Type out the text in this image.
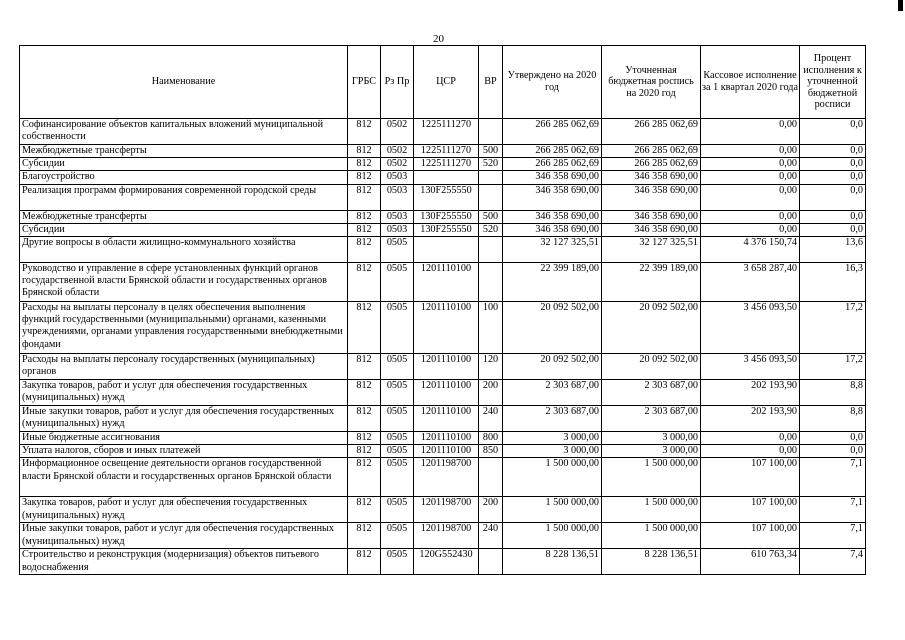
20
Наименование	ГРБС	Рз Пр	ЦСР	ВР	Утверждено на 2020 год	Уточненная бюджетная роспись на 2020 год	Кассовое исполнение за 1 квартал 2020 года	Процент исполнения к уточненной бюджетной росписи
Софинансирование объектов капитальных вложений муниципальной собственности	812	0502	1225111270		266 285 062,69	266 285 062,69	0,00	0,0
Межбюджетные трансферты	812	0502	1225111270	500	266 285 062,69	266 285 062,69	0,00	0,0
Субсидии	812	0502	1225111270	520	266 285 062,69	266 285 062,69	0,00	0,0
Благоустройство	812	0503			346 358 690,00	346 358 690,00	0,00	0,0
Реализация программ формирования современной городской среды	812	0503	130F255550		346 358 690,00	346 358 690,00	0,00	0,0
Межбюджетные трансферты	812	0503	130F255550	500	346 358 690,00	346 358 690,00	0,00	0,0
Субсидии	812	0503	130F255550	520	346 358 690,00	346 358 690,00	0,00	0,0
Другие вопросы в области жилищно-коммунального хозяйства	812	0505			32 127 325,51	32 127 325,51	4 376 150,74	13,6
Руководство и управление в сфере установленных функций органов государственной власти Брянской области и государственных органов Брянской области	812	0505	1201110100		22 399 189,00	22 399 189,00	3 658 287,40	16,3
Расходы на выплаты персоналу в целях обеспечения выполнения функций государственными (муниципальными) органами, казенными учреждениями, органами управления государственными внебюджетными фондами	812	0505	1201110100	100	20 092 502,00	20 092 502,00	3 456 093,50	17,2
Расходы на выплаты персоналу государственных (муниципальных) органов	812	0505	1201110100	120	20 092 502,00	20 092 502,00	3 456 093,50	17,2
Закупка товаров, работ и услуг для обеспечения государственных (муниципальных) нужд	812	0505	1201110100	200	2 303 687,00	2 303 687,00	202 193,90	8,8
Иные закупки товаров, работ и услуг для обеспечения государственных (муниципальных) нужд	812	0505	1201110100	240	2 303 687,00	2 303 687,00	202 193,90	8,8
Иные бюджетные ассигнования	812	0505	1201110100	800	3 000,00	3 000,00	0,00	0,0
Уплата налогов, сборов и иных платежей	812	0505	1201110100	850	3 000,00	3 000,00	0,00	0,0
Информационное освещение деятельности органов государственной власти Брянской области и государственных органов Брянской области	812	0505	1201198700		1 500 000,00	1 500 000,00	107 100,00	7,1
Закупка товаров, работ и услуг для обеспечения государственных (муниципальных) нужд	812	0505	1201198700	200	1 500 000,00	1 500 000,00	107 100,00	7,1
Иные закупки товаров, работ и услуг для обеспечения государственных (муниципальных) нужд	812	0505	1201198700	240	1 500 000,00	1 500 000,00	107 100,00	7,1
Строительство и реконструкция (модернизация) объектов питьевого водоснабжения	812	0505	120G552430		8 228 136,51	8 228 136,51	610 763,34	7,4
